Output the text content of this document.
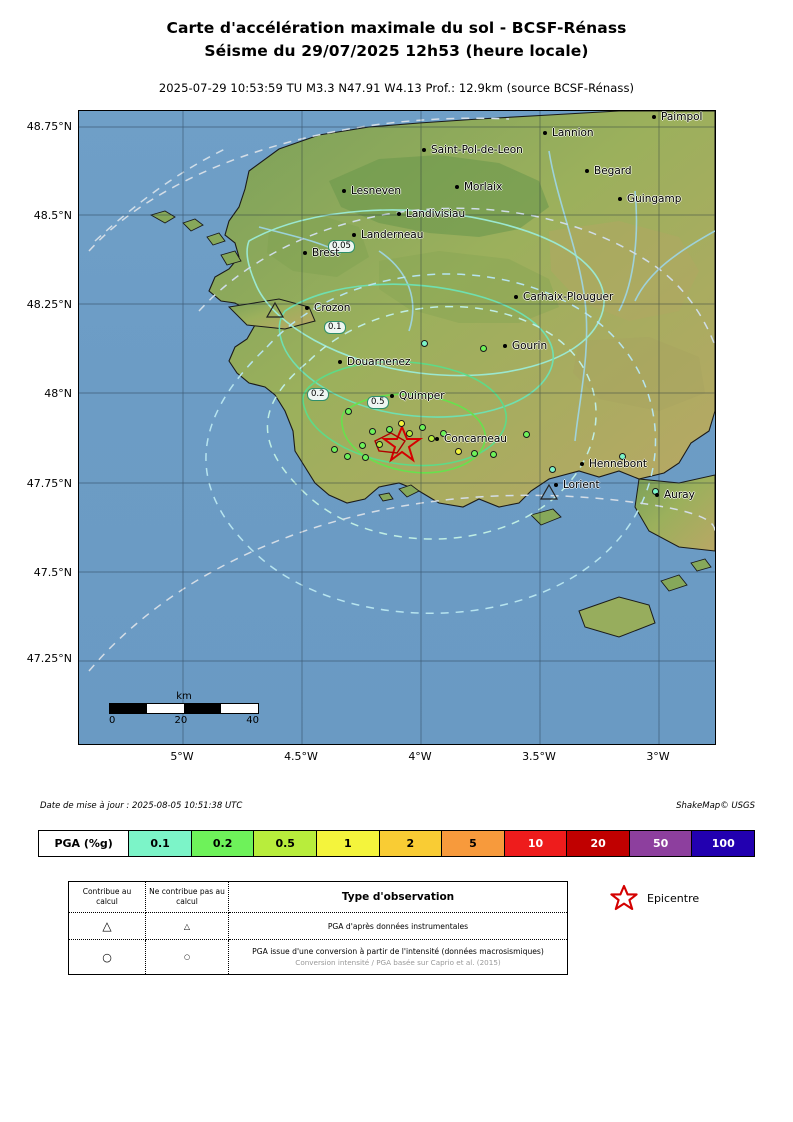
Carte d'accélération maximale du sol - BCSF-Rénass
Séisme du 29/07/2025 12h53 (heure locale)
2025-07-29 10:53:59 TU M3.3 N47.91 W4.13 Prof.: 12.9km (source BCSF-Rénass)
0.05
0.1
0.2
0.5
Paimpol
Lannion
Saint-Pol-de-Leon
Begard
Morlaix
Guingamp
Lesneven
Landivisiau
Landerneau
Brest
Carhaix-Plouguer
Crozon
Gourin
Douarnenez
Quimper
Concarneau
Hennebont
Lorient
Auray
km
0	20	40
48.75°N
48.5°N
48.25°N
48°N
47.75°N
47.5°N
47.25°N
5°W	4.5°W	4°W	3.5°W	3°W
Date de mise à jour : 2025-08-05 10:51:38 UTC	ShakeMap© USGS
PGA (%g)	0.1	0.2	0.5	1	2	5	10	20	50	100
Contribue au calcul	Ne contribue pas au calcul	Type d'observation
△	△	PGA d'après données instrumentales
○	○	PGA issue d'une conversion à partir de l'intensité (données macrosismiques)
Conversion intensité / PGA basée sur Caprio et al. (2015)
Epicentre
